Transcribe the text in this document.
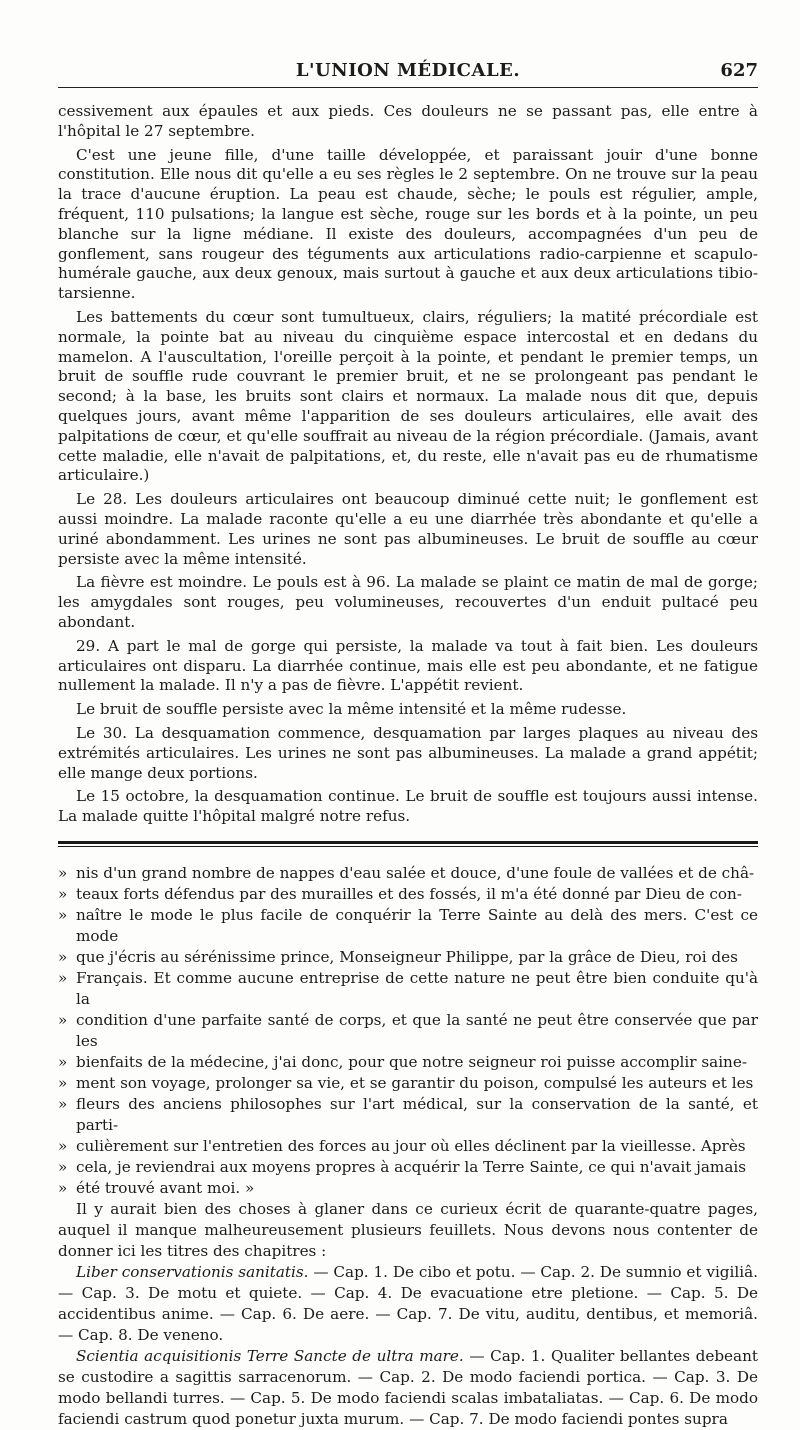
L'UNION MÉDICALE.	627

cessivement aux épaules et aux pieds. Ces douleurs ne se passant pas, elle entre à l'hôpital le 27 septembre.

C'est une jeune fille, d'une taille développée, et paraissant jouir d'une bonne constitution. Elle nous dit qu'elle a eu ses règles le 2 septembre. On ne trouve sur la peau la trace d'aucune éruption. La peau est chaude, sèche; le pouls est régulier, ample, fréquent, 110 pulsations; la langue est sèche, rouge sur les bords et à la pointe, un peu blanche sur la ligne médiane. Il existe des douleurs, accompagnées d'un peu de gonflement, sans rougeur des téguments aux articulations radio-carpienne et scapulo-humérale gauche, aux deux genoux, mais surtout à gauche et aux deux articulations tibio-tarsienne.

Les battements du cœur sont tumultueux, clairs, réguliers; la matité précordiale est normale, la pointe bat au niveau du cinquième espace intercostal et en dedans du mamelon. A l'auscultation, l'oreille perçoit à la pointe, et pendant le premier temps, un bruit de souffle rude couvrant le premier bruit, et ne se prolongeant pas pendant le second; à la base, les bruits sont clairs et normaux. La malade nous dit que, depuis quelques jours, avant même l'apparition de ses douleurs articulaires, elle avait des palpitations de cœur, et qu'elle souffrait au niveau de la région précordiale. (Jamais, avant cette maladie, elle n'avait de palpitations, et, du reste, elle n'avait pas eu de rhumatisme articulaire.)

Le 28. Les douleurs articulaires ont beaucoup diminué cette nuit; le gonflement est aussi moindre. La malade raconte qu'elle a eu une diarrhée très abondante et qu'elle a uriné abondamment. Les urines ne sont pas albumineuses. Le bruit de souffle au cœur persiste avec la même intensité.

La fièvre est moindre. Le pouls est à 96. La malade se plaint ce matin de mal de gorge; les amygdales sont rouges, peu volumineuses, recouvertes d'un enduit pultacé peu abondant.

29. A part le mal de gorge qui persiste, la malade va tout à fait bien. Les douleurs articulaires ont disparu. La diarrhée continue, mais elle est peu abondante, et ne fatigue nullement la malade. Il n'y a pas de fièvre. L'appétit revient.

Le bruit de souffle persiste avec la même intensité et la même rudesse.

Le 30. La desquamation commence, desquamation par larges plaques au niveau des extrémités articulaires. Les urines ne sont pas albumineuses. La malade a grand appétit; elle mange deux portions.

Le 15 octobre, la desquamation continue. Le bruit de souffle est toujours aussi intense. La malade quitte l'hôpital malgré notre refus.

» nis d'un grand nombre de nappes d'eau salée et douce, d'une foule de vallées et de châ-
» teaux forts défendus par des murailles et des fossés, il m'a été donné par Dieu de con-
» naître le mode le plus facile de conquérir la Terre Sainte au delà des mers. C'est ce mode
» que j'écris au sérénissime prince, Monseigneur Philippe, par la grâce de Dieu, roi des
» Français. Et comme aucune entreprise de cette nature ne peut être bien conduite qu'à la
» condition d'une parfaite santé de corps, et que la santé ne peut être conservée que par les
» bienfaits de la médecine, j'ai donc, pour que notre seigneur roi puisse accomplir saine-
» ment son voyage, prolonger sa vie, et se garantir du poison, compulsé les auteurs et les
» fleurs des anciens philosophes sur l'art médical, sur la conservation de la santé, et parti-
» culièrement sur l'entretien des forces au jour où elles déclinent par la vieillesse. Après
» cela, je reviendrai aux moyens propres à acquérir la Terre Sainte, ce qui n'avait jamais
» été trouvé avant moi. »

Il y aurait bien des choses à glaner dans ce curieux écrit de quarante-quatre pages, auquel il manque malheureusement plusieurs feuillets. Nous devons nous contenter de donner ici les titres des chapitres :

Liber conservationis sanitatis. — Cap. 1. De cibo et potu. — Cap. 2. De sumnio et vigiliâ. — Cap. 3. De motu et quiete. — Cap. 4. De evacuatione etre pletione. — Cap. 5. De accidentibus anime. — Cap. 6. De aere. — Cap. 7. De vitu, auditu, dentibus, et memoriâ. — Cap. 8. De veneno.

Scientia acquisitionis Terre Sancte de ultra mare. — Cap. 1. Qualiter bellantes debeant se custodire a sagittis sarracenorum. — Cap. 2. De modo faciendi portica. — Cap. 3. De modo bellandi turres. — Cap. 5. De modo faciendi scalas imbataliatas. — Cap. 6. De modo faciendi castrum quod ponetur juxta murum. — Cap. 7. De modo faciendi pontes supra
